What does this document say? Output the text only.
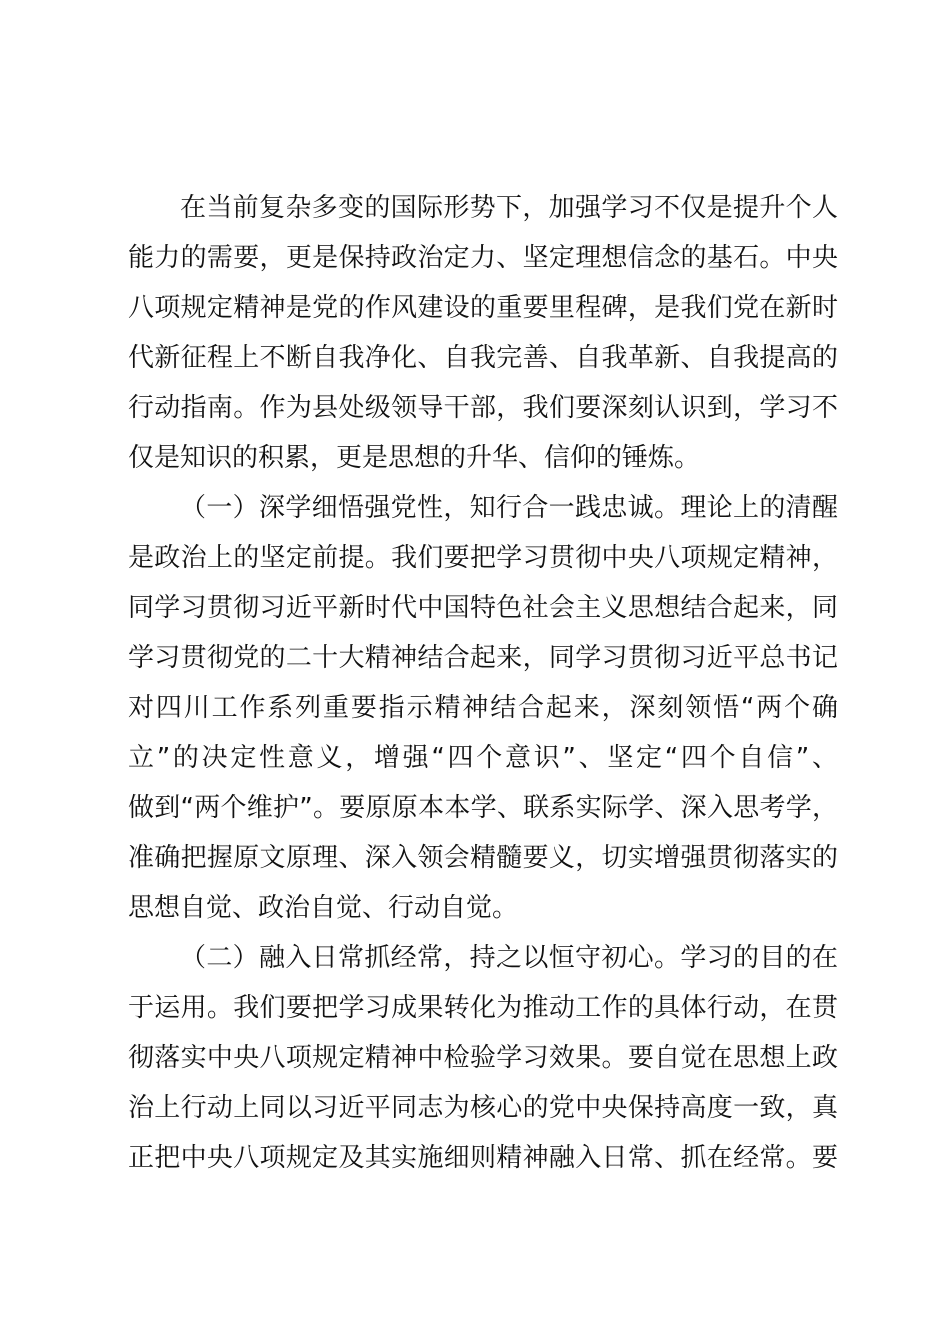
在当前复杂多变的国际形势下，加强学习不仅是提升个人
能力的需要，更是保持政治定力、坚定理想信念的基石。中央
八项规定精神是党的作风建设的重要里程碑，是我们党在新时
代新征程上不断自我净化、自我完善、自我革新、自我提高的
行动指南。作为县处级领导干部，我们要深刻认识到，学习不
仅是知识的积累，更是思想的升华、信仰的锤炼。
（一）深学细悟强党性，知行合一践忠诚。理论上的清醒
是政治上的坚定前提。我们要把学习贯彻中央八项规定精神，
同学习贯彻习近平新时代中国特色社会主义思想结合起来，同
学习贯彻党的二十大精神结合起来，同学习贯彻习近平总书记
对四川工作系列重要指示精神结合起来，深刻领悟“两个确
立”的决定性意义，增强“四个意识”、坚定“四个自信”、
做到“两个维护”。要原原本本学、联系实际学、深入思考学，
准确把握原文原理、深入领会精髓要义，切实增强贯彻落实的
思想自觉、政治自觉、行动自觉。
（二）融入日常抓经常，持之以恒守初心。学习的目的在
于运用。我们要把学习成果转化为推动工作的具体行动，在贯
彻落实中央八项规定精神中检验学习效果。要自觉在思想上政
治上行动上同以习近平同志为核心的党中央保持高度一致，真
正把中央八项规定及其实施细则精神融入日常、抓在经常。要
